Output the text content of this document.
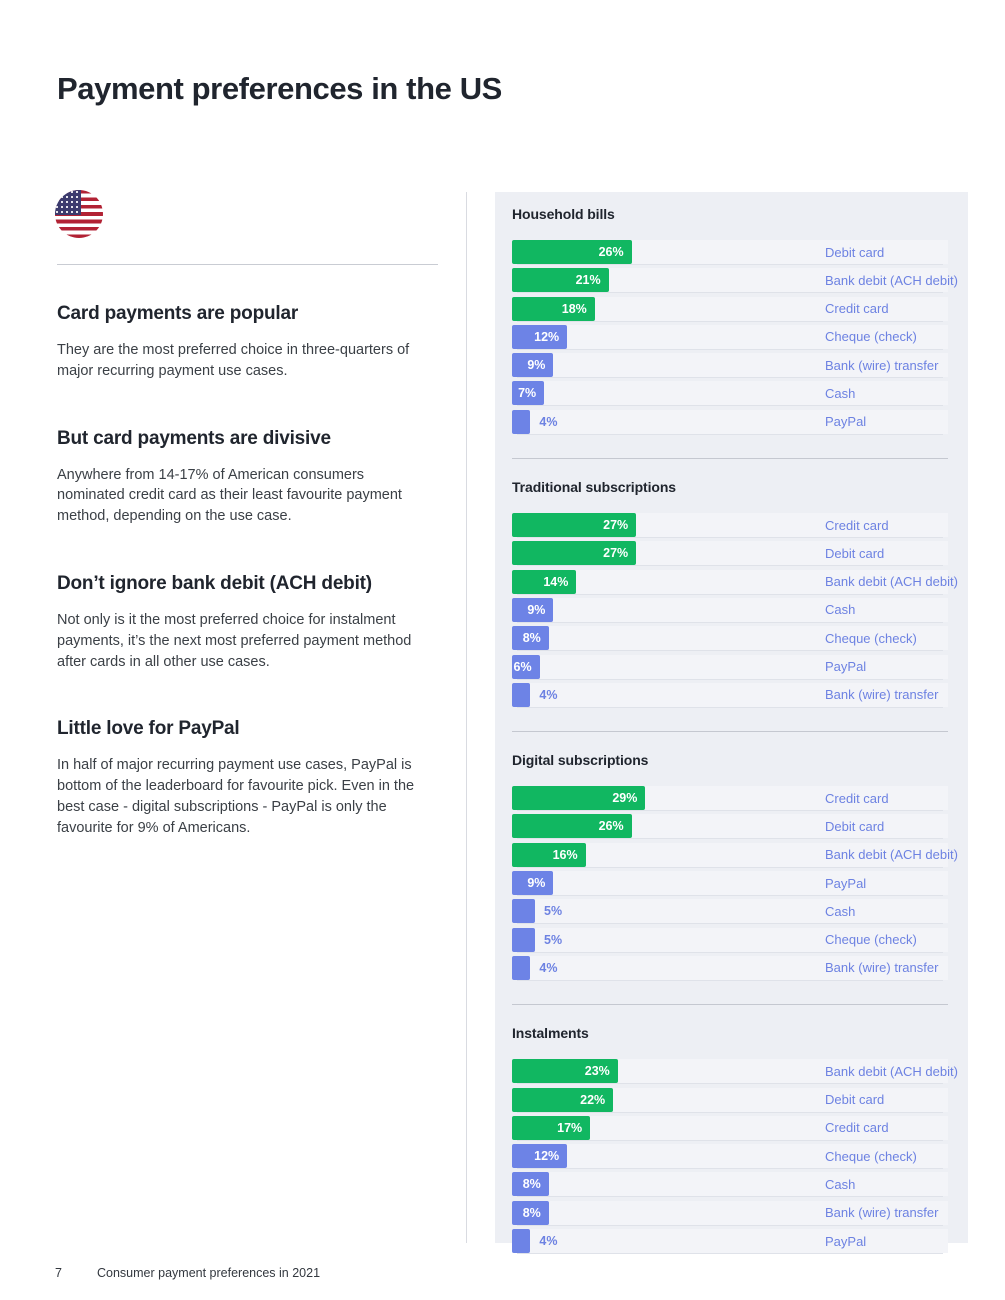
Payment preferences in the US
Card payments are popular

They are the most preferred choice in three-quarters of major recurring payment use cases.

But card payments are divisive

Anywhere from 14-17% of American consumers nominated credit card as their least favourite payment method, depending on the use case.

Don’t ignore bank debit (ACH debit)

Not only is it the most preferred choice for instalment payments, it’s the next most preferred payment method after cards in all other use cases.

Little love for PayPal

In half of major recurring payment use cases, PayPal is bottom of the leaderboard for favourite pick. Even in the best case - digital subscriptions - PayPal is only the favourite for 9% of Americans.

Household bills
26%	Debit card
21%	Bank debit (ACH debit)
18%	Credit card
12%	Cheque (check)
9%	Bank (wire) transfer
7%	Cash
4%	PayPal
Traditional subscriptions
27%	Credit card
27%	Debit card
14%	Bank debit (ACH debit)
9%	Cash
8%	Cheque (check)
6%	PayPal
4%	Bank (wire) transfer
Digital subscriptions
29%	Credit card
26%	Debit card
16%	Bank debit (ACH debit)
9%	PayPal
5%	Cash
5%	Cheque (check)
4%	Bank (wire) transfer
Instalments
23%	Bank debit (ACH debit)
22%	Debit card
17%	Credit card
12%	Cheque (check)
8%	Cash
8%	Bank (wire) transfer
4%	PayPal
7	Consumer payment preferences in 2021
